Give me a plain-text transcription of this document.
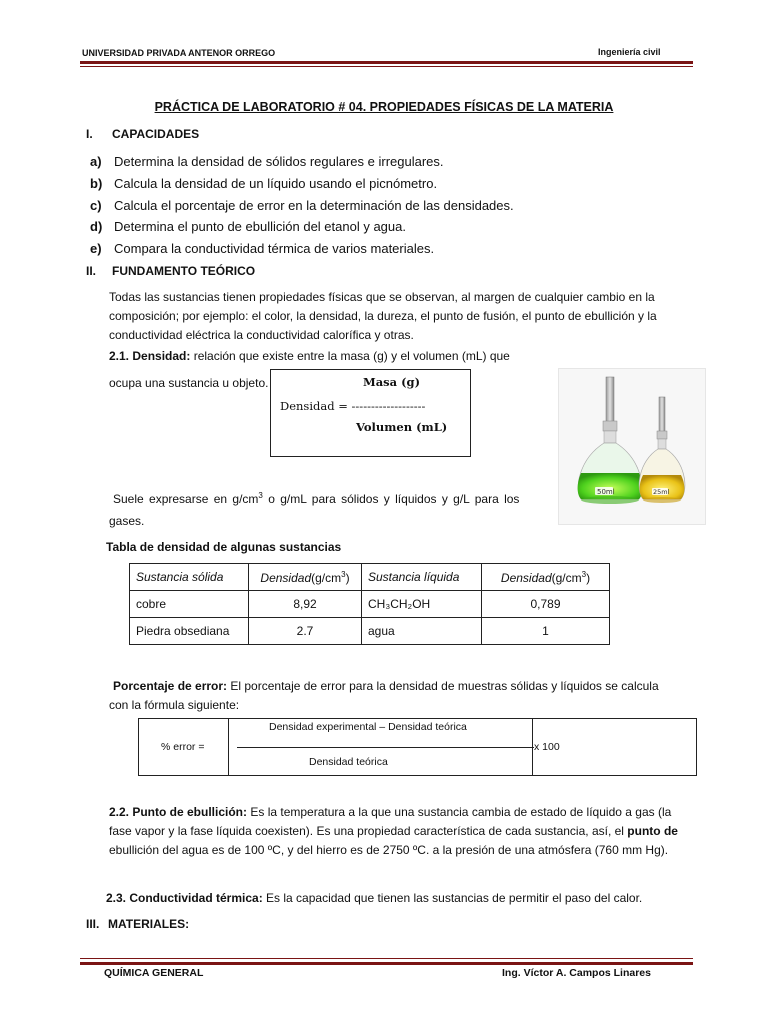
UNIVERSIDAD PRIVADA ANTENOR ORREGO	Ingeniería civil
PRÁCTICA DE LABORATORIO # 04. PROPIEDADES FÍSICAS DE LA MATERIA
I. CAPACIDADES
a) Determina la densidad de sólidos regulares e irregulares.
b) Calcula la densidad de un líquido usando el picnómetro.
c) Calcula el porcentaje de error en la determinación de las densidades.
d) Determina el punto de ebullición del etanol y agua.
e) Compara la conductividad térmica de varios materiales.
II. FUNDAMENTO TEÓRICO
Todas las sustancias tienen propiedades físicas que se observan, al margen de cualquier cambio en la
composición; por ejemplo: el color, la densidad, la dureza, el punto de fusión, el punto de ebullición y la
conductividad eléctrica la conductividad calorífica y otras.
2.1. Densidad: relación que existe entre la masa (g) y el volumen (mL) que
ocupa una sustancia u objeto.	Masa (g)
Densidad = -------------------
Volumen (mL)
50ml	25ml
Suele expresarse en $g/cm^3$ o g/mL para sólidos y líquidos y g/L para los
gases.
Tabla de densidad de algunas sustancias
Sustancia sólida	$Densidad(g/cm^3)$	Sustancia líquida	$Densidad(g/cm^3)$
cobre	8,92	CH₃CH₂OH	0,789
Piedra obsediana	2.7	agua	1
Porcentaje de error: El porcentaje de error para la densidad de muestras sólidas y líquidos se calcula
con la fórmula siguiente:
% error =
Densidad experimental – Densidad teórica
Densidad teórica
x 100
2.2. Punto de ebullición: Es la temperatura a la que una sustancia cambia de estado de líquido a gas (la
fase vapor y la fase líquida coexisten). Es una propiedad característica de cada sustancia, así, el punto de
ebullición del agua es de 100 ºC, y del hierro es de 2750 ºC. a la presión de una atmósfera (760 mm Hg).
2.3. Conductividad térmica: Es la capacidad que tienen las sustancias de permitir el paso del calor.
III. MATERIALES:
QUÍMICA GENERAL	Ing. Víctor A. Campos Linares
